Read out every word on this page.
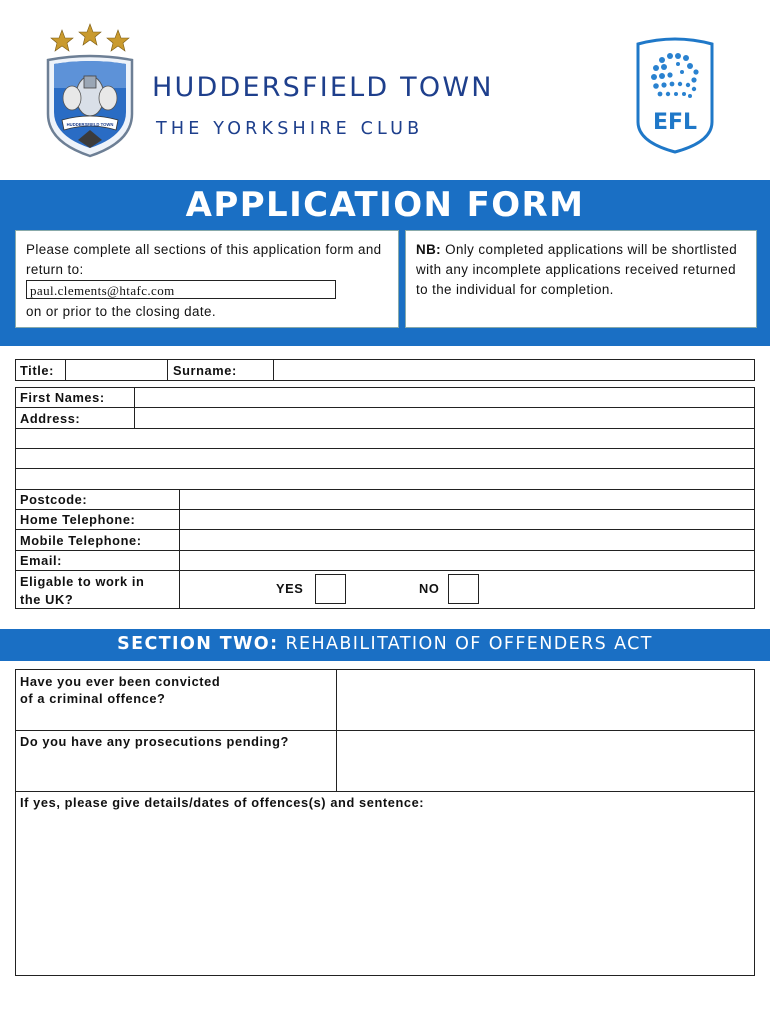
HUDDERSFIELD TOWN
HUDDERSFIELD TOWN
THE YORKSHIRE CLUB	EFL
APPLICATION FORM
Please complete all sections of this application form and return to:
paul.clements@htafc.com
on or prior to the closing date.
NB: Only completed applications will be shortlisted with any incomplete applications received returned to the individual for completion.
Title:	Surname:
First Names:
Address:
Postcode:
Home Telephone:
Mobile Telephone:
Email:
Eligable to work in
the UK?
YES	NO
SECTION TWO: REHABILITATION OF OFFENDERS ACT
Have you ever been convicted
of a criminal offence?
Do you have any prosecutions pending?
If yes, please give details/dates of offences(s) and sentence:
